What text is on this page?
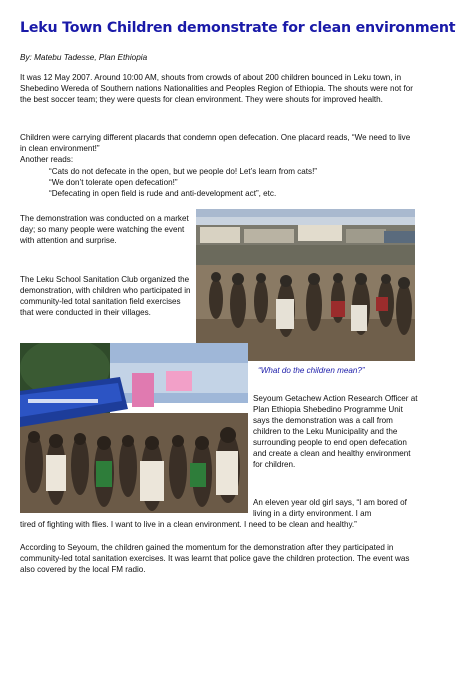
Leku Town Children demonstrate for clean environment
By: Matebu Tadesse, Plan Ethiopia

It was 12 May 2007. Around 10:00 AM, shouts from crowds of about 200 children bounced in Leku town, in Shebedino Wereda of Southern nations Nationalities and Peoples Region of Ethiopia. The shouts were not for the best soccer team; they were quests for clean environment. They were shouts for improved health.

Children were carrying different placards that condemn open defecation. One placard reads, “We need to live in clean environment!”

Another reads:

“Cats do not defecate in the open, but we people do! Let’s learn from cats!”
“We don’t tolerate open defecation!”
“Defecating in open field is rude and anti-development act”, etc.

The demonstration was conducted on a market day; so many people were watching the event with attention and surprise.

The Leku School Sanitation Club organized the demonstration, with children who participated in community-led total sanitation field exercises that were conducted in their villages.

“What do the children mean?”

Seyoum Getachew Action Research Officer at Plan Ethiopia Shebedino Programme Unit says the demonstration was a call from children to the Leku Municipality and the surrounding people to end open defecation and create a clean and healthy environment for children.

An eleven year old girl says, “I am bored of living in a dirty environment. I am

tired of fighting with flies. I want to live in a clean environment. I need to be clean and healthy.”

According to Seyoum, the children gained the momentum for the demonstration after they participated in community-led total sanitation exercises. It was learnt that police gave the children protection. The event was also covered by the local FM radio.
